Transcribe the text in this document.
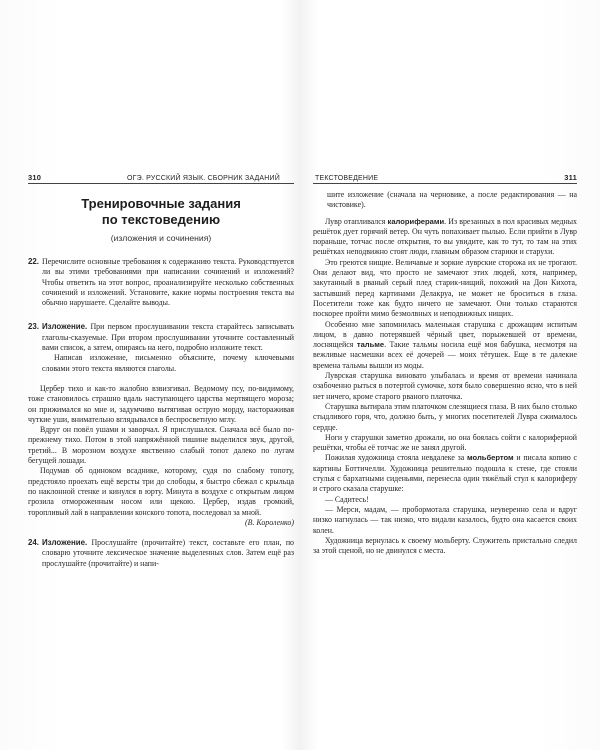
310	ОГЭ. РУССКИЙ ЯЗЫК. СБОРНИК ЗАДАНИЙ
Тренировочные задания
по текстоведению
(изложения и сочинения)
22. Перечислите основные требования к содержанию текста. Руководствуется ли вы этими требованиями при написании сочинений и изложений? Чтобы ответить на этот вопрос, проанализируйте несколько собственных сочинений и изложений. Установите, какие нормы построения текста вы обычно нарушаете. Сделайте выводы.

23. Изложение. При первом прослушивании текста старайтесь записывать глаголы-сказуемые. При втором прослушивании уточните составленный вами список, а затем, опираясь на него, подробно изложите текст.

Написав изложение, письменно объясните, почему ключевыми словами этого текста являются глаголы.

Цербер тихо и как-то жалобно взвизгивал. Ведомому псу, по-видимому, тоже становилось страшно вдаль наступающего царства мертвящего мороза; он прижимался ко мне и, задумчиво вытягивая острую морду, настораживая чуткие уши, внимательно вглядывался в беспросветную мглу.

Вдруг он повёл ушами и заворчал. Я прислушался. Сначала всё было по-прежнему тихо. Потом в этой напряжённой тишине выделился звук, другой, третий... В морозном воздухе явственно слабый топот далеко по лугам бегущей лошади.

Подумав об одиноком всаднике, которому, судя по слабому топоту, предстояло проехать ещё версты три до слободы, я быстро сбежал с крыльца по наклонной стенке и кинулся в юрту. Минута в воздухе с открытым лицом грозила отмороженным носом или щекою. Цербер, издав громкий, торопливый лай в направлении конского топота, последовал за мной.

(В. Короленко)
24. Изложение. Прослушайте (прочитайте) текст, составьте его план, по словарю уточните лексическое значение выделенных слов. Затем ещё раз прослушайте (прочитайте) и напи-

ТЕКСТОВЕДЕНИЕ	311

шите изложение (сначала на черновике, а после редактирования — на чистовике).

Лувр отапливался калориферами. Из врезанных в пол красивых медных решёток дует горячий ветер. Он чуть попахивает пылью. Если прийти в Лувр пораньше, тотчас после открытия, то вы увидите, как то тут, то там на этих решётках неподвижно стоят люди, главным образом старики и старухи.

Это греются нищие. Величавые и зоркие луврские сторожа их не трогают. Они делают вид, что просто не замечают этих людей, хотя, например, закутанный в рваный серый плед старик-нищий, похожий на Дон Кихота, застывший перед картинами Делакруа, не может не броситься в глаза. Посетители тоже как будто ничего не замечают. Они только стараются поскорее пройти мимо безмолвных и неподвижных нищих.

Особенно мне запомнилась маленькая старушка с дрожащим испитым лицом, в давно потерявшей чёрный цвет, порыжевшей от времени, лоснящейся тальме. Такие тальмы носила ещё моя бабушка, несмотря на вежливые насмешки всех её дочерей — моих тётушек. Еще в те далекие времена тальмы вышли из моды.

Луврская старушка виновато улыбалась и время от времени начинала озабоченно рыться в потертой сумочке, хотя было совершенно ясно, что в ней нет ничего, кроме старого рваного платочка.

Старушка вытирала этим платочком слезящиеся глаза. В них было столько стыдливого горя, что, должно быть, у многих посетителей Лувра сжималось сердце.

Ноги у старушки заметно дрожали, но она боялась сойти с калориферной решётки, чтобы её тотчас же не занял другой.

Пожилая художница стояла невдалеке за мольбертом и писала копию с картины Боттичелли. Художница решительно подошла к стене, где стояли стулья с бархатными сиденьями, перенесла один тяжёлый стул к калориферу и строго сказала старушке:

— Садитесь!

— Мерси, мадам, — пробормотала старушка, неуверенно села и вдруг низко нагнулась — так низко, что видали казалось, будто она касается своих колен.

Художница вернулась к своему мольберту. Служитель пристально следил за этой сценой, но не двинулся с места.
